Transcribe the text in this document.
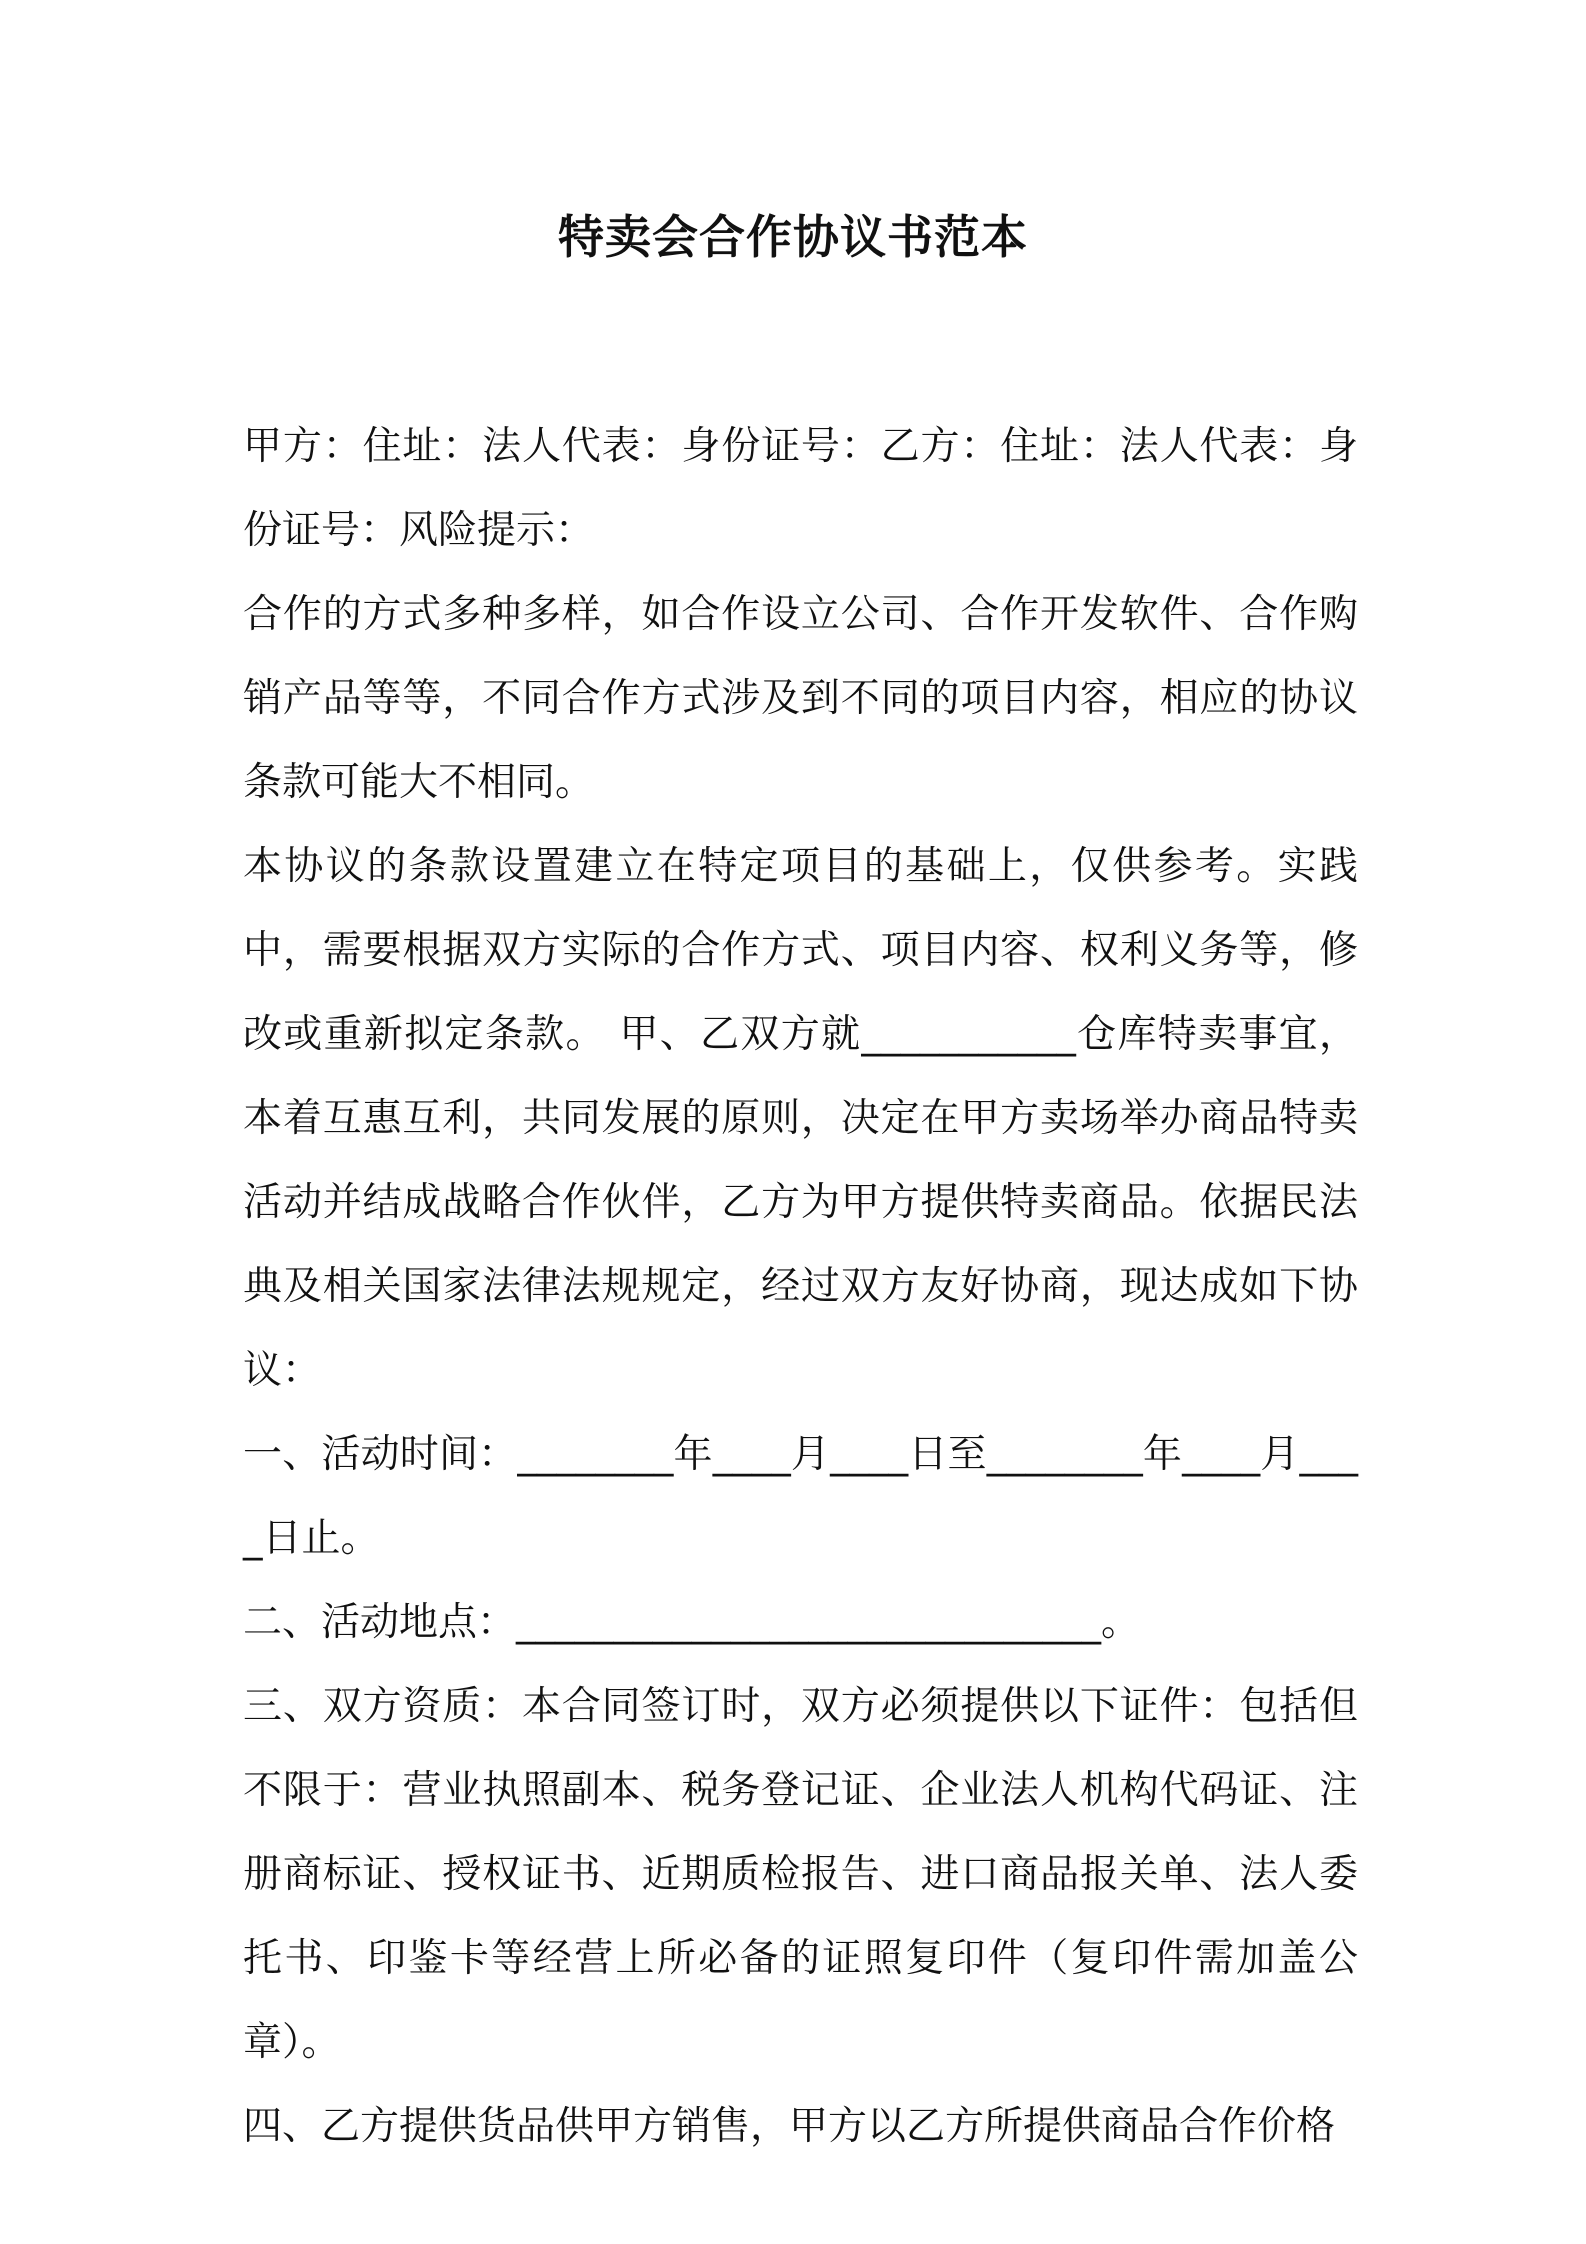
特卖会合作协议书范本

甲方：住址：法人代表：身份证号：乙方：住址：法人代表：身份证号：风险提示：

合作的方式多种多样，如合作设立公司、合作开发软件、合作购销产品等等，不同合作方式涉及到不同的项目内容，相应的协议条款可能大不相同。

本协议的条款设置建立在特定项目的基础上，仅供参考。实践中，需要根据双方实际的合作方式、项目内容、权利义务等，修改或重新拟定条款。 甲、乙双方就___________仓库特卖事宜，本着互惠互利，共同发展的原则，决定在甲方卖场举办商品特卖活动并结成战略合作伙伴，乙方为甲方提供特卖商品。依据民法典及相关国家法律法规规定，经过双方友好协商，现达成如下协议：

一、活动时间：________年____月____日至________年____月____日止。

二、活动地点：______________________________。

三、双方资质：本合同签订时，双方必须提供以下证件：包括但不限于：营业执照副本、税务登记证、企业法人机构代码证、注册商标证、授权证书、近期质检报告、进口商品报关单、法人委托书、印鉴卡等经营上所必备的证照复印件（复印件需加盖公章）。

四、乙方提供货品供甲方销售，甲方以乙方所提供商品合作价格
